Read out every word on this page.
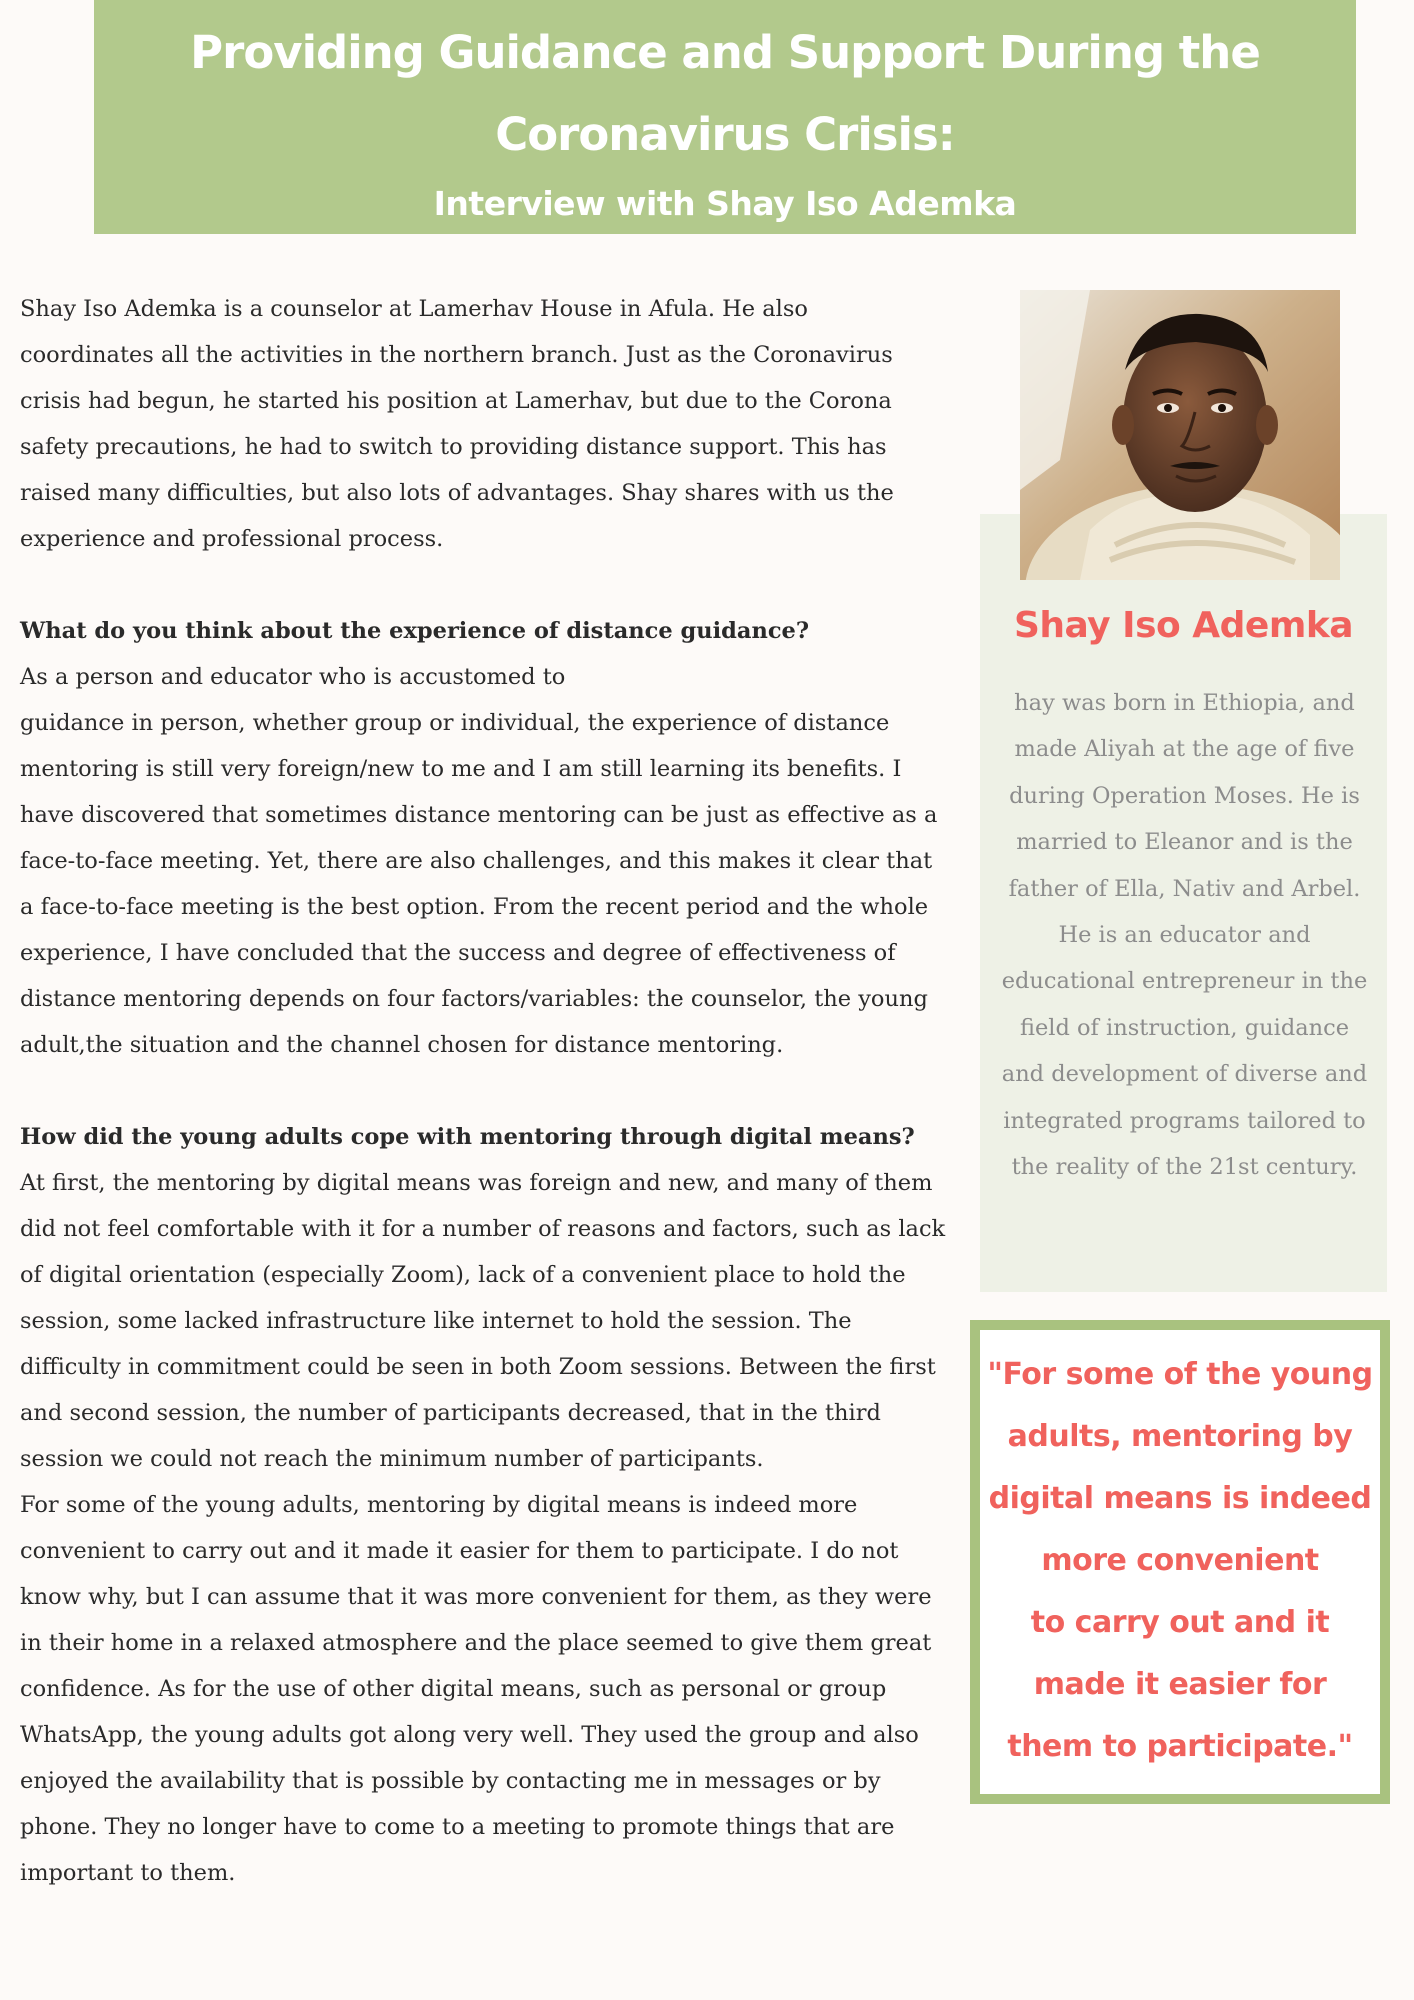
Providing Guidance and Support During the
Coronavirus Crisis:
Interview with Shay Iso Ademka

Shay Iso Ademka is a counselor at Lamerhav House in Afula. He also

coordinates all the activities in the northern branch. Just as the Coronavirus

crisis had begun, he started his position at Lamerhav, but due to the Corona

safety precautions, he had to switch to providing distance support. This has

raised many difficulties, but also lots of advantages. Shay shares with us the

experience and professional process.

What do you think about the experience of distance guidance?

As a person and educator who is accustomed to

guidance in person, whether group or individual, the experience of distance

mentoring is still very foreign/new to me and I am still learning its benefits. I

have discovered that sometimes distance mentoring can be just as effective as a

face-to-face meeting. Yet, there are also challenges, and this makes it clear that

a face-to-face meeting is the best option. From the recent period and the whole

experience, I have concluded that the success and degree of effectiveness of

distance mentoring depends on four factors/variables: the counselor, the young

adult,the situation and the channel chosen for distance mentoring.

How did the young adults cope with mentoring through digital means?

At first, the mentoring by digital means was foreign and new, and many of them

did not feel comfortable with it for a number of reasons and factors, such as lack

of digital orientation (especially Zoom), lack of a convenient place to hold the

session, some lacked infrastructure like internet to hold the session. The

difficulty in commitment could be seen in both Zoom sessions. Between the first

and second session, the number of participants decreased, that in the third

session we could not reach the minimum number of participants.

For some of the young adults, mentoring by digital means is indeed more

convenient to carry out and it made it easier for them to participate. I do not

know why, but I can assume that it was more convenient for them, as they were

in their home in a relaxed atmosphere and the place seemed to give them great

confidence. As for the use of other digital means, such as personal or group

WhatsApp, the young adults got along very well. They used the group and also

enjoyed the availability that is possible by contacting me in messages or by

phone. They no longer have to come to a meeting to promote things that are

important to them.

Shay Iso Ademka
hay was born in Ethiopia, and
made Aliyah at the age of five
during Operation Moses. He is
married to Eleanor and is the
father of Ella, Nativ and Arbel.
He is an educator and
educational entrepreneur in the
field of instruction, guidance
and development of diverse and
integrated programs tailored to
the reality of the 21st century.
"For some of the young
adults, mentoring by
digital means is indeed
more convenient
to carry out and it
made it easier for
them to participate."
